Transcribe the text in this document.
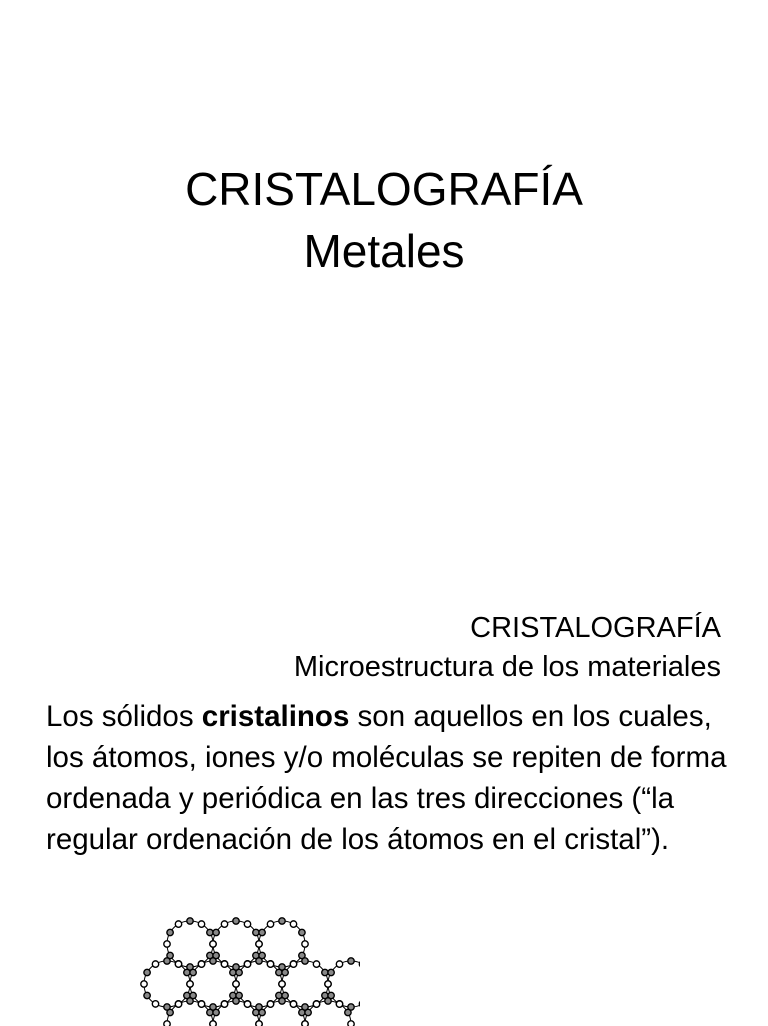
CRISTALOGRAFÍA
Metales
CRISTALOGRAFÍA
Microestructura de los materiales

Los sólidos cristalinos son aquellos en los cuales, los átomos, iones y/o moléculas se repiten de forma ordenada y periódica en las tres direcciones (“la regular ordenación de los átomos en el cristal”).
